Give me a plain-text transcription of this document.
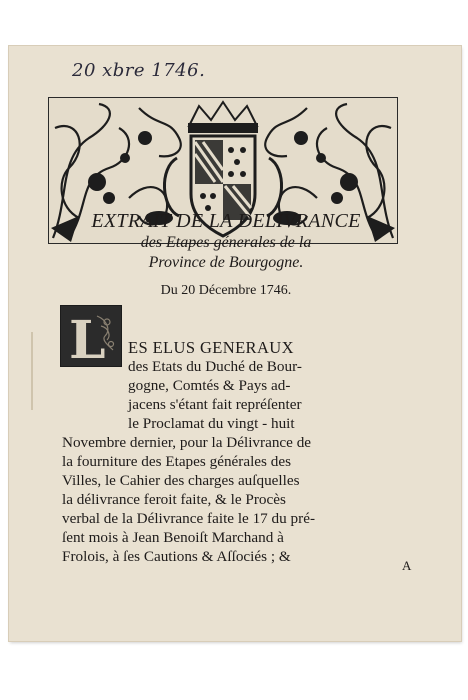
20 xbre 1746.
EXTRAIT DE LA DELIVRANCE
des Etapes génerales de la
Province de Bourgogne.
Du 20 Décembre 1746.
L ES ELUS GENERAUX
des Etats du Duché de Bour-
gogne, Comtés & Pays ad-
jacens s'étant fait repréſenter
le Proclamat du vingt - huit
Novembre dernier, pour la Délivrance de
la fourniture des Etapes générales des
Villes, le Cahier des charges auſquelles
la délivrance feroit faite, & le Procès
verbal de la Délivrance faite le 17 du pré-
ſent mois à Jean Benoiſt Marchand à
Frolois, à ſes Cautions & Aſſociés ; &
A
